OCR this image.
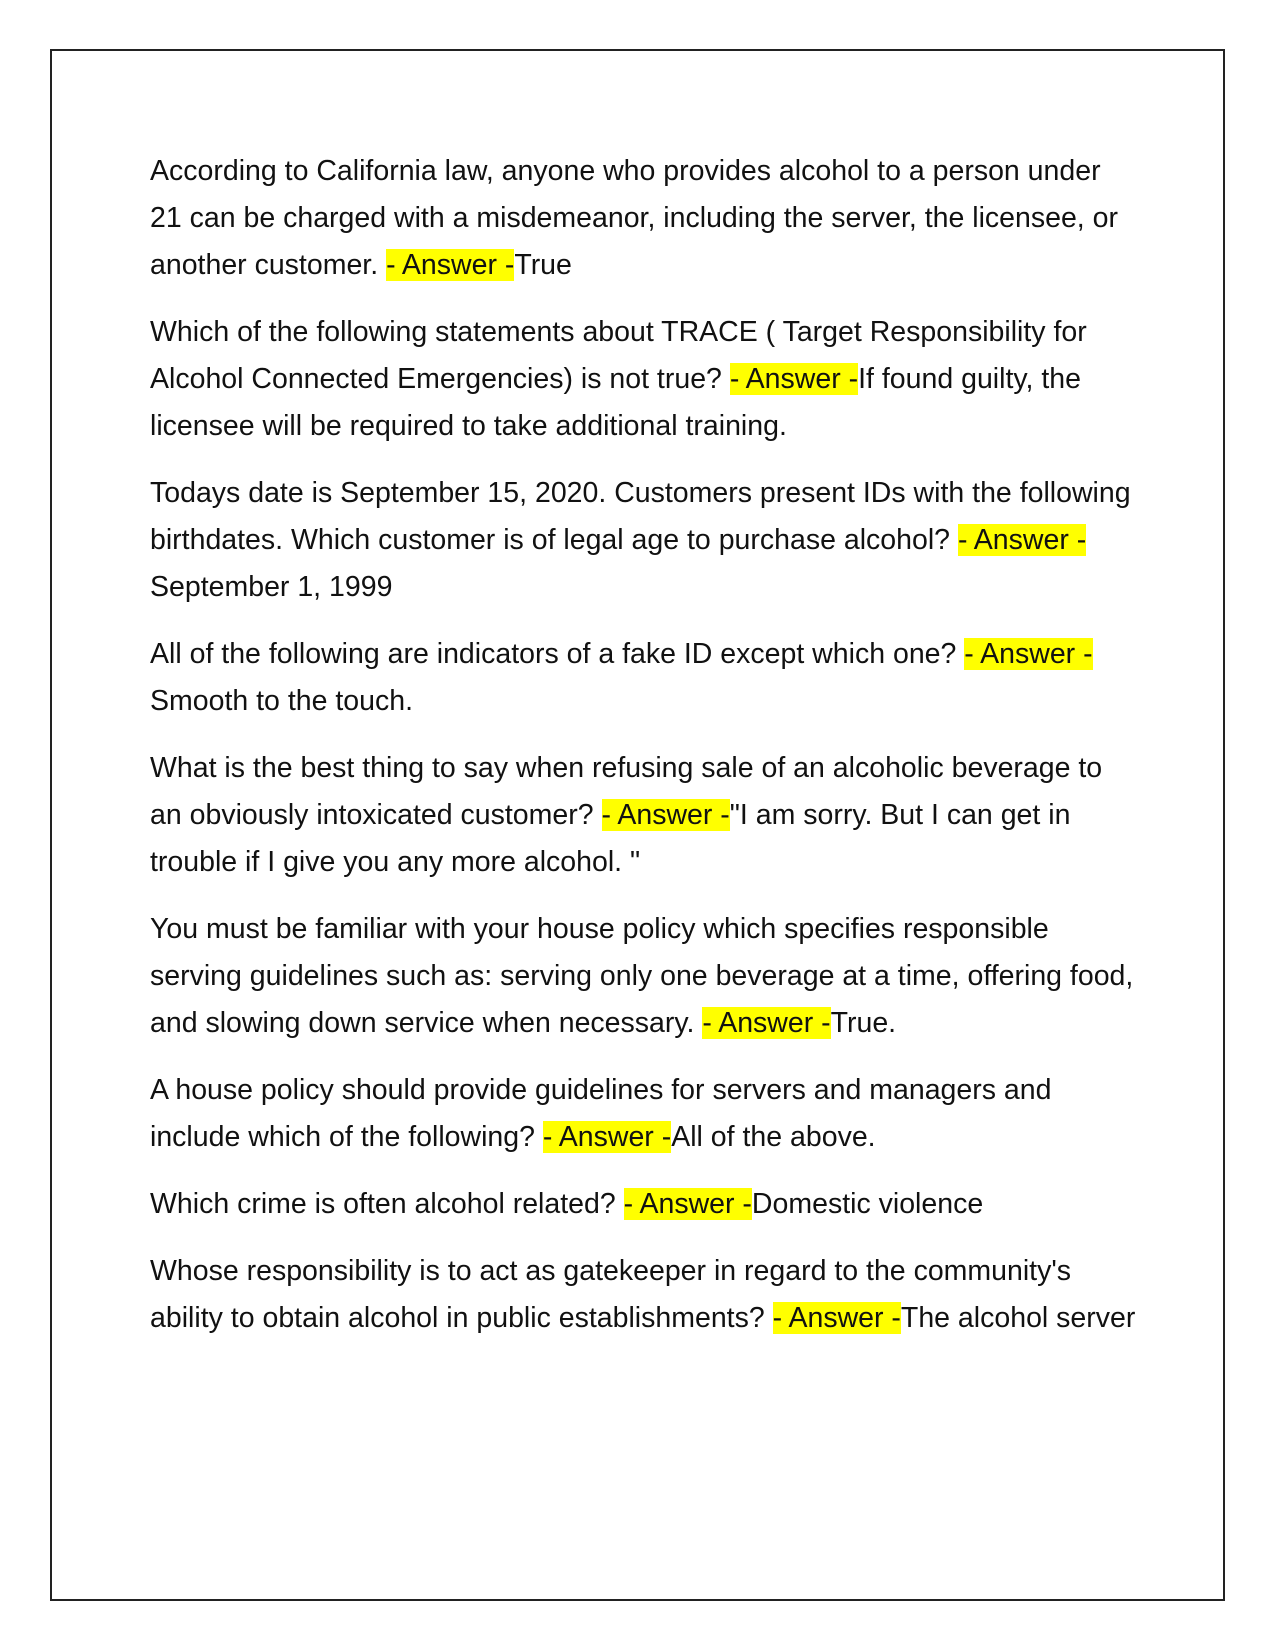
According to California law, anyone who provides alcohol to a person under 21 can be charged with a misdemeanor, including the server, the licensee, or another customer. - Answer -True

Which of the following statements about TRACE ( Target Responsibility for Alcohol Connected Emergencies) is not true? - Answer -If found guilty, the licensee will be required to take additional training.

Todays date is September 15, 2020. Customers present IDs with the following birthdates. Which customer is of legal age to purchase alcohol? - Answer -September 1, 1999

All of the following are indicators of a fake ID except which one? - Answer -Smooth to the touch.

What is the best thing to say when refusing sale of an alcoholic beverage to an obviously intoxicated customer? - Answer -"I am sorry. But I can get in trouble if I give you any more alcohol. "

You must be familiar with your house policy which specifies responsible serving guidelines such as: serving only one beverage at a time, offering food, and slowing down service when necessary. - Answer -True.

A house policy should provide guidelines for servers and managers and include which of the following? - Answer -All of the above.

Which crime is often alcohol related? - Answer -Domestic violence

Whose responsibility is to act as gatekeeper in regard to the community's ability to obtain alcohol in public establishments? - Answer -The alcohol server
